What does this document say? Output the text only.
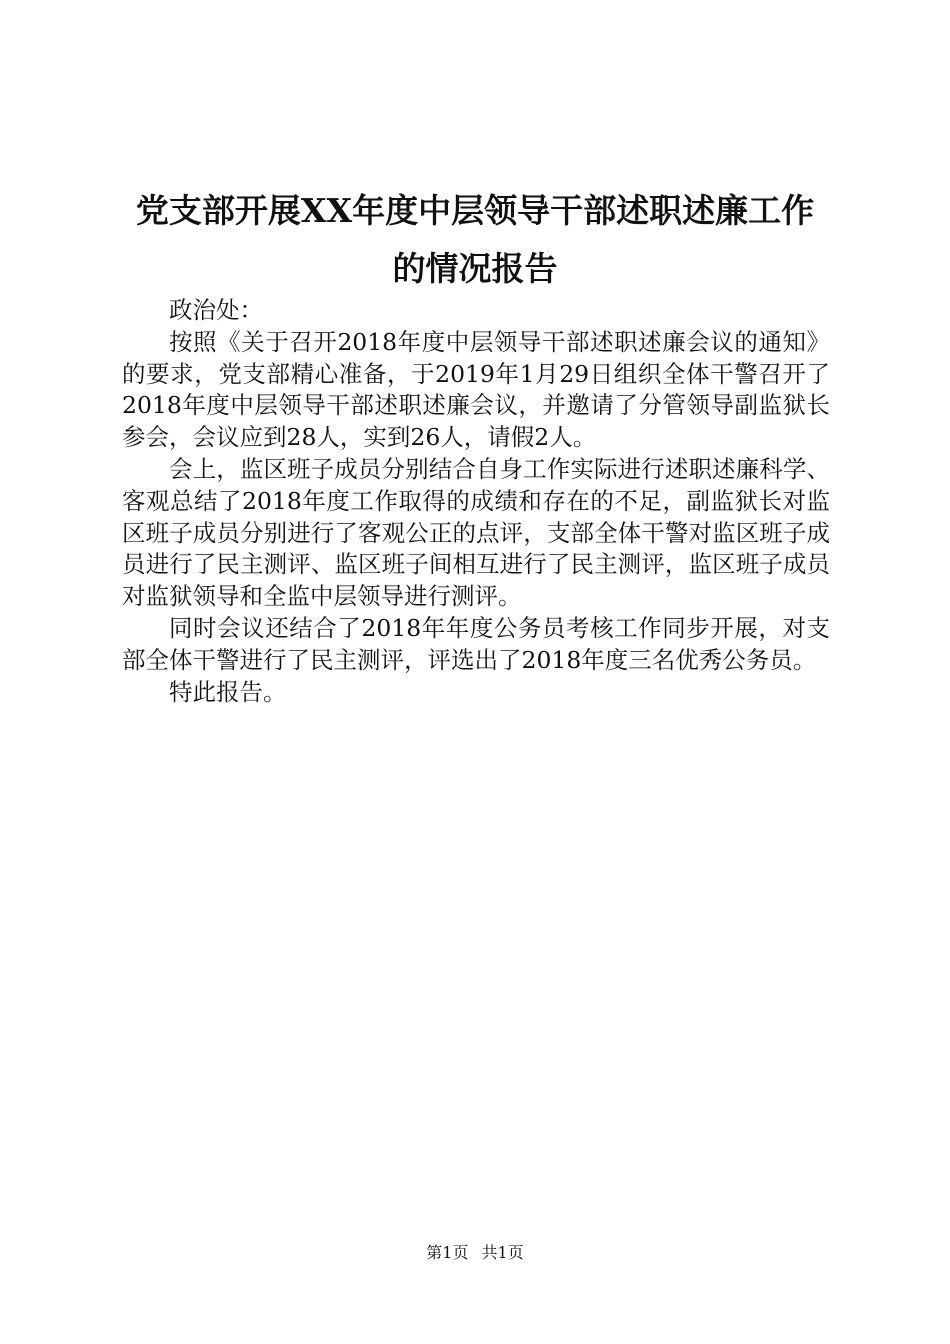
党支部开展XX年度中层领导干部述职述廉工作的情况报告

政治处：

按照《关于召开2018年度中层领导干部述职述廉会议的通知》的要求，党支部精心准备，于2019年1月29日组织全体干警召开了2018年度中层领导干部述职述廉会议，并邀请了分管领导副监狱长参会，会议应到28人，实到26人，请假2人。

会上，监区班子成员分别结合自身工作实际进行述职述廉科学、客观总结了2018年度工作取得的成绩和存在的不足，副监狱长对监区班子成员分别进行了客观公正的点评，支部全体干警对监区班子成员进行了民主测评、监区班子间相互进行了民主测评，监区班子成员对监狱领导和全监中层领导进行测评。

同时会议还结合了2018年年度公务员考核工作同步开展，对支部全体干警进行了民主测评，评选出了2018年度三名优秀公务员。

特此报告。

第1页 共1页
